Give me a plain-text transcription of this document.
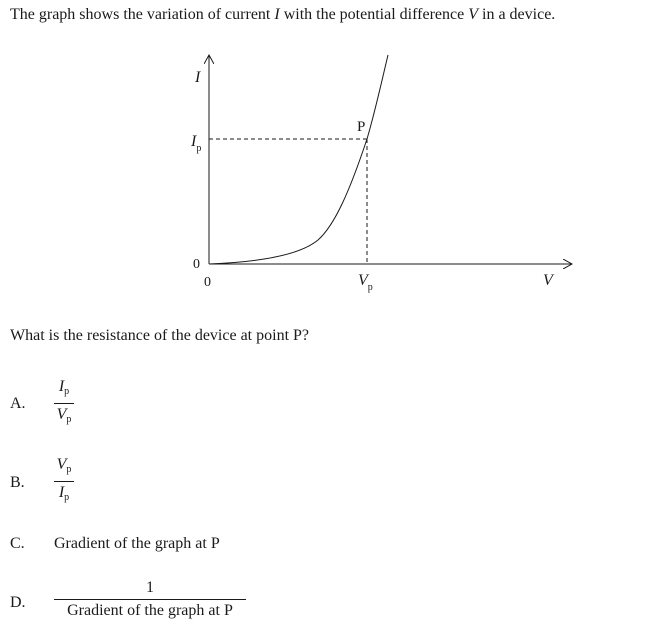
The graph shows the variation of current I with the potential difference V in a device.
I
V
0
0
P
$I_p$
$V_p$
What is the resistance of the device at point P?
A.
$I_p$
$V_p$
B.
$V_p$
$I_p$
C. Gradient of the graph at P
D.
1
Gradient of the graph at P
